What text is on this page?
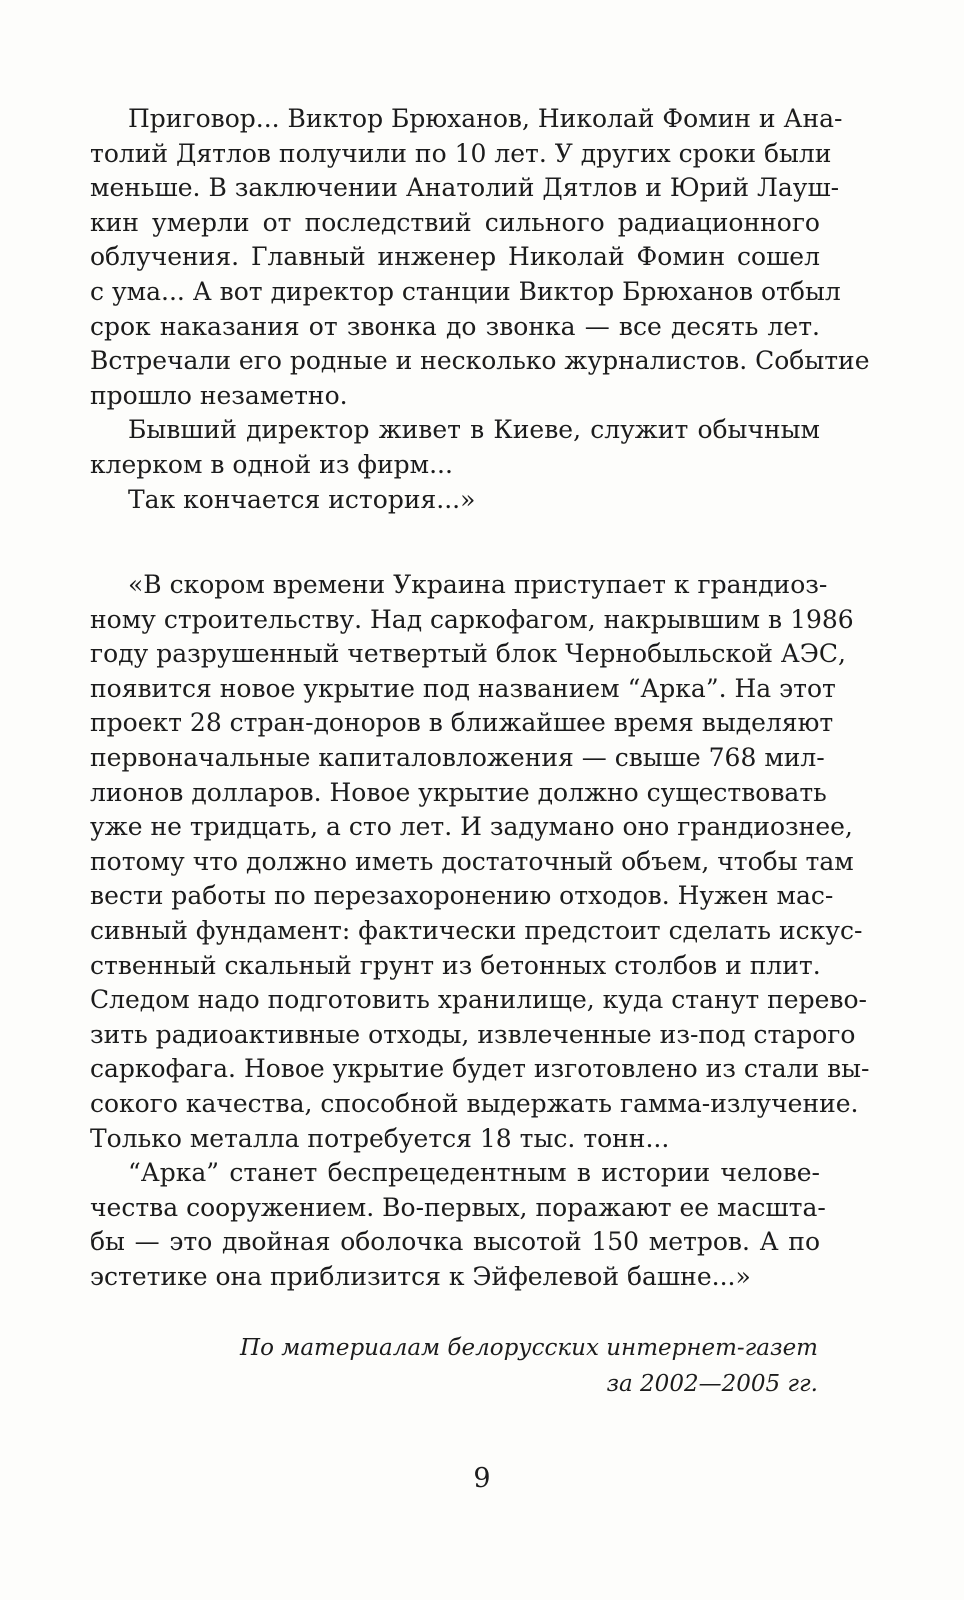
Приговор... Виктор Брюханов, Николай Фомин и Ана-
толий Дятлов получили по 10 лет. У других сроки были
меньше. В заключении Анатолий Дятлов и Юрий Лауш-
кин умерли от последствий сильного радиационного
облучения. Главный инженер Николай Фомин сошел
с ума... А вот директор станции Виктор Брюханов отбыл
срок наказания от звонка до звонка — все десять лет.
Встречали его родные и несколько журналистов. Событие
прошло незаметно.
Бывший директор живет в Киеве, служит обычным
клерком в одной из фирм...
Так кончается история...»
«В скором времени Украина приступает к грандиоз-
ному строительству. Над саркофагом, накрывшим в 1986
году разрушенный четвертый блок Чернобыльской АЭС,
появится новое укрытие под названием “Арка”. На этот
проект 28 стран-доноров в ближайшее время выделяют
первоначальные капиталовложения — свыше 768 мил-
лионов долларов. Новое укрытие должно существовать
уже не тридцать, а сто лет. И задумано оно грандиознее,
потому что должно иметь достаточный объем, чтобы там
вести работы по перезахоронению отходов. Нужен мас-
сивный фундамент: фактически предстоит сделать искус-
ственный скальный грунт из бетонных столбов и плит.
Следом надо подготовить хранилище, куда станут перево-
зить радиоактивные отходы, извлеченные из-под старого
саркофага. Новое укрытие будет изготовлено из стали вы-
сокого качества, способной выдержать гамма-излучение.
Только металла потребуется 18 тыс. тонн...
“Арка” станет беспрецедентным в истории челове-
чества сооружением. Во-первых, поражают ее масшта-
бы — это двойная оболочка высотой 150 метров. А по
эстетике она приблизится к Эйфелевой башне...»
По материалам белорусских интернет-газет
за 2002—2005 гг.
9
